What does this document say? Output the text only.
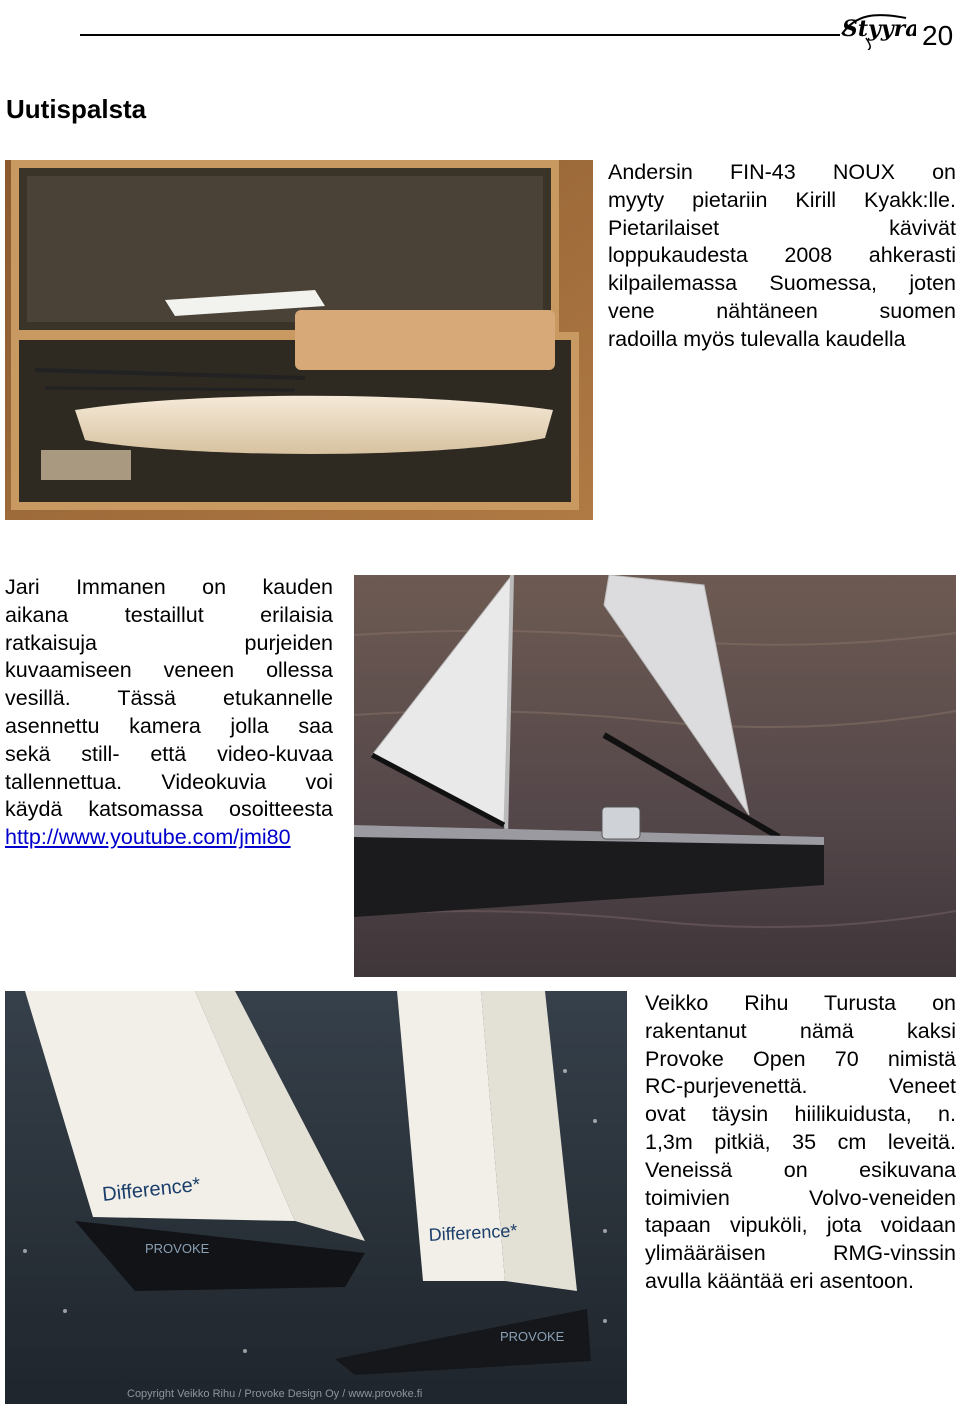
Styyra 20
Uutispalsta
Andersin FIN-43 NOUX on
myyty pietariin Kirill Kyakk:lle.
Pietarilaiset kävivät
loppukaudesta 2008 ahkerasti
kilpailemassa Suomessa, joten
vene nähtäneen suomen
radoilla myös tulevalla kaudella
Jari Immanen on kauden
aikana testaillut erilaisia
ratkaisuja purjeiden
kuvaamiseen veneen ollessa
vesillä. Tässä etukannelle
asennettu kamera jolla saa
sekä still- että video-kuvaa
tallennettua. Videokuvia voi
käydä katsomassa osoitteesta
http://www.youtube.com/jmi80
Difference*
PROVOKE
Difference*
PROVOKE
Copyright Veikko Rihu / Provoke Design Oy / www.provoke.fi
Veikko Rihu Turusta on
rakentanut nämä kaksi
Provoke Open 70 nimistä
RC-purjevenettä. Veneet
ovat täysin hiilikuidusta, n.
1,3m pitkiä, 35 cm leveitä.
Veneissä on esikuvana
toimivien Volvo-veneiden
tapaan vipuköli, jota voidaan
ylimääräisen RMG-vinssin
avulla kääntää eri asentoon.
